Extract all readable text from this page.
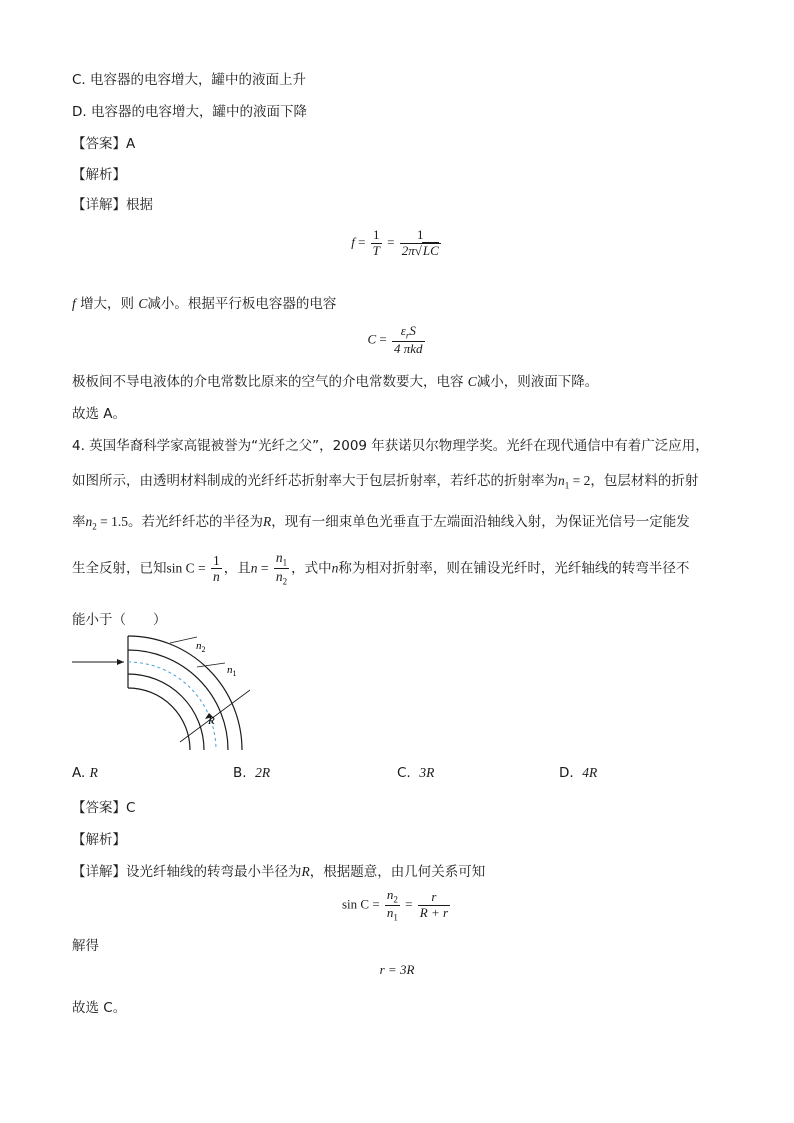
C. 电容器的电容增大，罐中的液面上升
D. 电容器的电容增大，罐中的液面下降
【答案】A
【解析】
【详解】根据
$f = \frac{1}{T} = \frac{1}{2\pi√LC}$
f 增大，则 C减小。根据平行板电容器的电容
$C = \frac{\varepsilon_rS}{\text{4 πkd}}$
极板间不导电液体的介电常数比原来的空气的介电常数要大，电容 C减小，则液面下降。
故选 A。
4. 英国华裔科学家高锟被誉为“光纤之父”，2009 年获诺贝尔物理学奖。光纤在现代通信中有着广泛应用，
如图所示，由透明材料制成的光纤纤芯折射率大于包层折射率，若纤芯的折射率为$n_1 = 2$，包层材料的折射
率$n_2 = 1.5$。若光纤纤芯的半径为R，现有一细束单色光垂直于左端面沿轴线入射，为保证光信号一定能发
生全反射，已知$\sin C = \frac{1}{n}$ ，且$n = \frac{n_1}{n_2}$ ，式中n称为相对折射率，则在铺设光纤时，光纤轴线的转弯半径不
能小于（　　）
$n_2$
$n_1$
R
A. R	B. 2R	C. 3R	D. 4R
【答案】C
【解析】
【详解】设光纤轴线的转弯最小半径为R，根据题意，由几何关系可知
$\sin C = \frac{n_2}{n_1} = \frac{r}{R + r}$
解得
r = 3R
故选 C。
